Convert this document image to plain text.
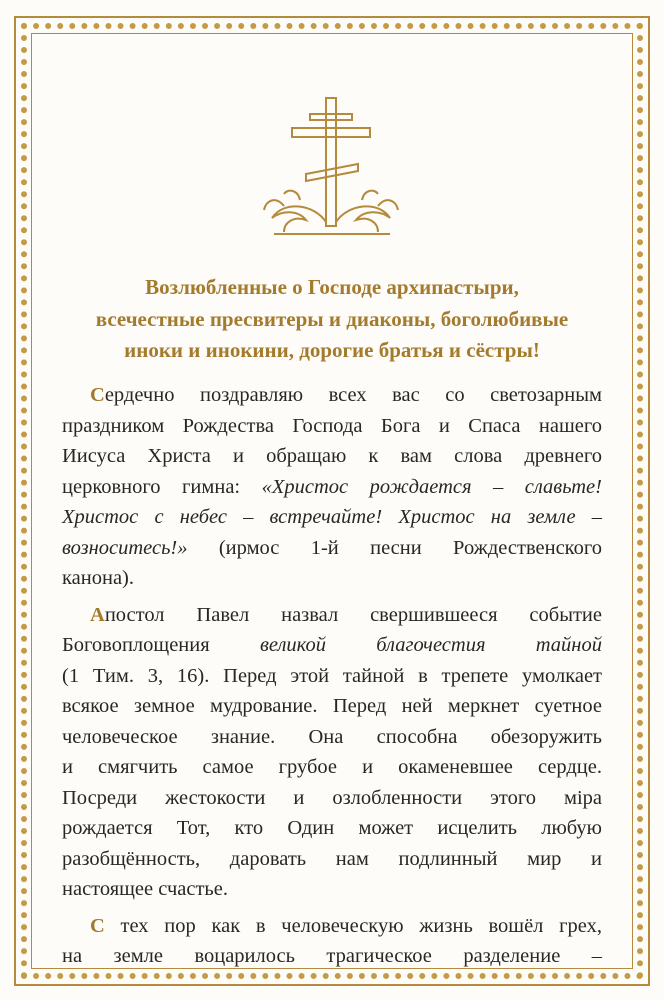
Возлюбленные о Господе архипастыри,
всечестные пресвитеры и диаконы, боголюбивые
иноки и инокини, дорогие братья и сёстры!

Сердечно поздравляю всех вас со светозарным
праздником Рождества Господа Бога и Спаса нашего
Иисуса Христа и обращаю к вам слова древнего
церковного гимна: «Христос рождается – славьте!
Христос с небес – встречайте! Христос на земле –
возноситесь!» (ирмос 1-й песни Рождественского
канона).

Апостол Павел назвал свершившееся событие
Боговоплощения великой благочестия тайной
(1 Тим. 3, 16). Перед этой тайной в трепете умолкает
всякое земное мудрование. Перед ней меркнет суетное
человеческое знание. Она способна обезоружить
и смягчить самое грубое и окаменевшее сердце.
Посреди жестокости и озлобленности этого міра
рождается Тот, кто Один может исцелить любую
разобщённость, даровать нам подлинный мир и
настоящее счастье.

С тех пор как в человеческую жизнь вошёл грех,
на земле воцарилось трагическое разделение –
